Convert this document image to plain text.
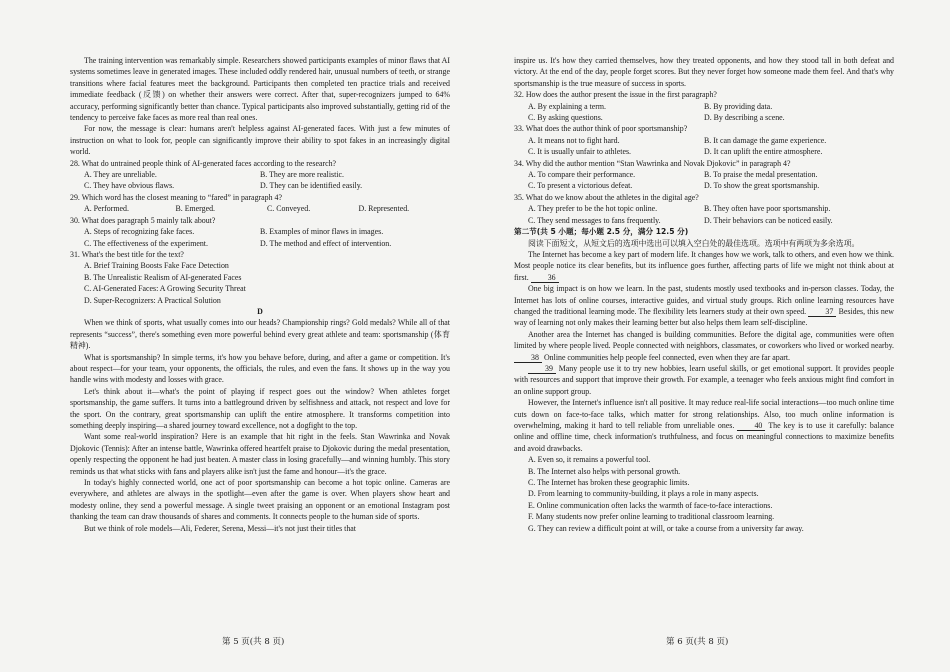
The training intervention was remarkably simple. Researchers showed participants examples of minor flaws that AI systems sometimes leave in generated images. These included oddly rendered hair, unusual numbers of teeth, or strange transitions where facial features meet the background. Participants then completed ten practice trials and received immediate feedback (反馈) on whether their answers were correct. After that, super-recognizers jumped to 64% accuracy, performing significantly better than chance. Typical participants also improved substantially, getting rid of the tendency to perceive fake faces as more real than real ones.

For now, the message is clear: humans aren't helpless against AI-generated faces. With just a few minutes of instruction on what to look for, people can significantly improve their ability to spot fakes in an increasingly digital world.

28. What do untrained people think of AI-generated faces according to the research?

A. They are unreliable.	B. They are more realistic.
C. They have obvious flaws.	D. They can be identified easily.

29. Which word has the closest meaning to “fared” in paragraph 4?

A. Performed.	B. Emerged.	C. Conveyed.	D. Represented.

30. What does paragraph 5 mainly talk about?

A. Steps of recognizing fake faces.	B. Examples of minor flaws in images.
C. The effectiveness of the experiment.	D. The method and effect of intervention.

31. What's the best title for the text?

A. Brief Training Boosts Fake Face Detection
B. The Unrealistic Realism of AI-generated Faces
C. AI-Generated Faces: A Growing Security Threat
D. Super-Recognizers: A Practical Solution
D

When we think of sports, what usually comes into our heads? Championship rings? Gold medals? While all of that represents “success”, there's something even more powerful behind every great athlete and team: sportsmanship (体育精神).

What is sportsmanship? In simple terms, it's how you behave before, during, and after a game or competition. It's about respect—for your team, your opponents, the officials, the rules, and even the fans. It shows up in the way you handle wins with modesty and losses with grace.

Let's think about it—what's the point of playing if respect goes out the window? When athletes forget sportsmanship, the game suffers. It turns into a battleground driven by selfishness and attack, not respect and love for the sport. On the contrary, great sportsmanship can uplift the entire atmosphere. It transforms competition into something deeply inspiring—a shared journey toward excellence, not a dogfight to the top.

Want some real-world inspiration? Here is an example that hit right in the feels. Stan Wawrinka and Novak Djokovic (Tennis): After an intense battle, Wawrinka offered heartfelt praise to Djokovic during the medal presentation, openly respecting the opponent he had just beaten. A master class in losing gracefully—and winning humbly. This story reminds us that what sticks with fans and players alike isn't just the fame and honour—it's the grace.

In today's highly connected world, one act of poor sportsmanship can become a hot topic online. Cameras are everywhere, and athletes are always in the spotlight—even after the game is over. When players show heart and modesty online, they send a powerful message. A single tweet praising an opponent or an emotional Instagram post thanking the team can draw thousands of shares and comments. It connects people to the human side of sports.

But we think of role models—Ali, Federer, Serena, Messi—it's not just their titles that

inspire us. It's how they carried themselves, how they treated opponents, and how they stood tall in both defeat and victory. At the end of the day, people forget scores. But they never forget how someone made them feel. And that's why sportsmanship is the true measure of success in sports.

32. How does the author present the issue in the first paragraph?

A. By explaining a term.	B. By providing data.
C. By asking questions.	D. By describing a scene.

33. What does the author think of poor sportsmanship?

A. It means not to fight hard.	B. It can damage the game experience.
C. It is usually unfair to athletes.	D. It can uplift the entire atmosphere.

34. Why did the author mention “Stan Wawrinka and Novak Djokovic” in paragraph 4?

A. To compare their performance.	B. To praise the medal presentation.
C. To present a victorious defeat.	D. To show the great sportsmanship.

35. What do we know about the athletes in the digital age?

A. They prefer to be the hot topic online.	B. They often have poor sportsmanship.
C. They send messages to fans frequently.	D. Their behaviors can be noticed easily.
第二节(共 5 小题；每小题 2.5 分，满分 12.5 分)

阅读下面短文，从短文后的选项中选出可以填入空白处的最佳选项。选项中有两项为多余选项。

The Internet has become a key part of modern life. It changes how we work, talk to others, and even how we think. Most people notice its clear benefits, but its influence goes further, affecting parts of life we might not think about at first. 36

One big impact is on how we learn. In the past, students mostly used textbooks and in-person classes. Today, the Internet has lots of online courses, interactive guides, and virtual study groups. Rich online learning resources have changed the traditional learning mode. The flexibility lets learners study at their own speed. 37 Besides, this new way of learning not only makes their learning better but also helps them learn self-discipline.

Another area the Internet has changed is building communities. Before the digital age, communities were often limited by where people lived. People connected with neighbors, classmates, or coworkers who lived or worked nearby. 38 Online communities help people feel connected, even when they are far apart.

39 Many people use it to try new hobbies, learn useful skills, or get emotional support. It provides people with resources and support that improve their growth. For example, a teenager who feels anxious might find comfort in an online support group.

However, the Internet's influence isn't all positive. It may reduce real-life social interactions—too much online time cuts down on face-to-face talks, which matter for strong relationships. Also, too much online information is overwhelming, making it hard to tell reliable from unreliable ones.	40 The key is to use it carefully: balance online and offline time, check information's truthfulness, and focus on meaningful connections to maximize benefits and avoid drawbacks.

A. Even so, it remains a powerful tool.
B. The Internet also helps with personal growth.
C. The Internet has broken these geographic limits.
D. From learning to community-building, it plays a role in many aspects.
E. Online communication often lacks the warmth of face-to-face interactions.
F. Many students now prefer online learning to traditional classroom learning.
G. They can review a difficult point at will, or take a course from a university far away.
第 5 页(共 8 页)	第 6 页(共 8 页)
